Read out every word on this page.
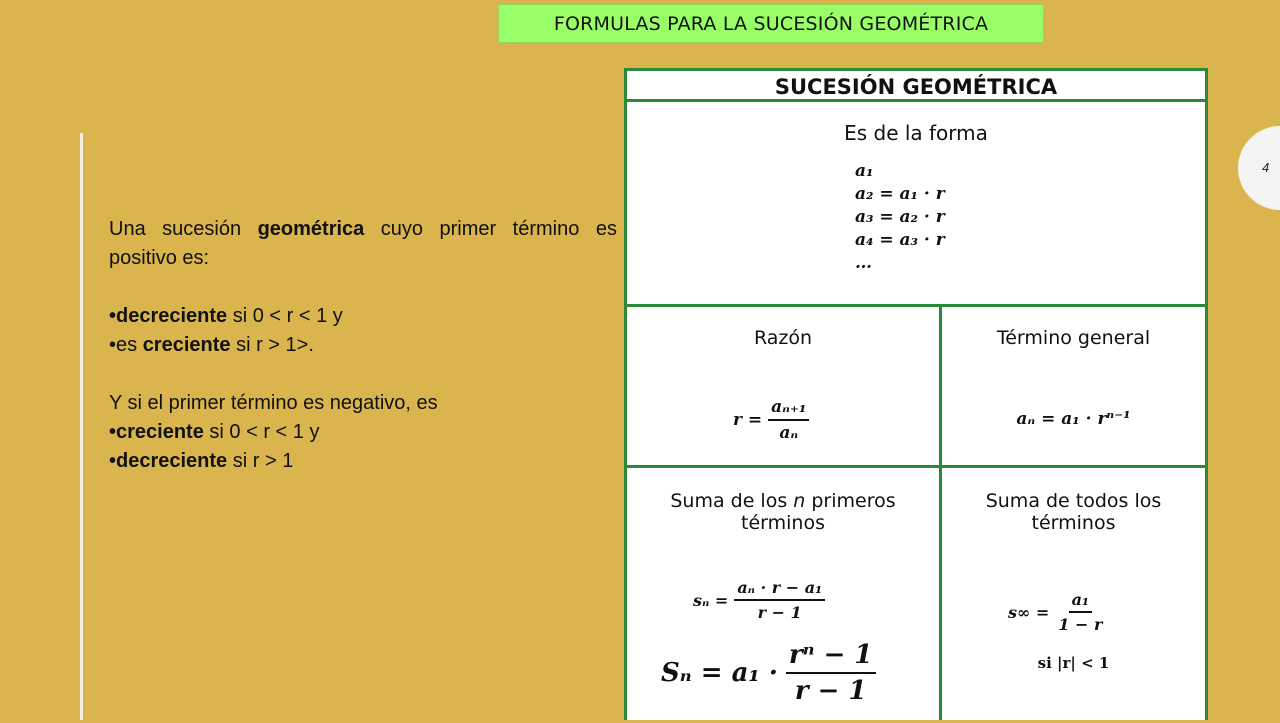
FORMULAS PARA LA SUCESIÓN GEOMÉTRICA
4

Una sucesión geométrica cuyo primer término es positivo es:

•decreciente si 0 < r < 1 y

•es creciente si r > 1>.

Y si el primer término es negativo, es

•creciente si 0 < r < 1 y

•decreciente si r > 1

SUCESIÓN GEOMÉTRICA
Es de la forma
a₁
a₂ = a₁ · r
a₃ = a₂ · r
a₄ = a₃ · r
…
Razón
$r = \frac{\text{aₙ₊₁}}{\text{aₙ}}$
Término general
aₙ = a₁ · rⁿ⁻¹
Suma de los n primeros términos
$s_n = \frac{\text{aₙ · r − a₁}}{r - 1}$
$S_n = a_1 \cdot \frac{\text{rⁿ − 1}}{r - 1}$
Suma de todos los términos
$s\infty = \frac{\text{a₁}}{1 - r}$
si |r| < 1
